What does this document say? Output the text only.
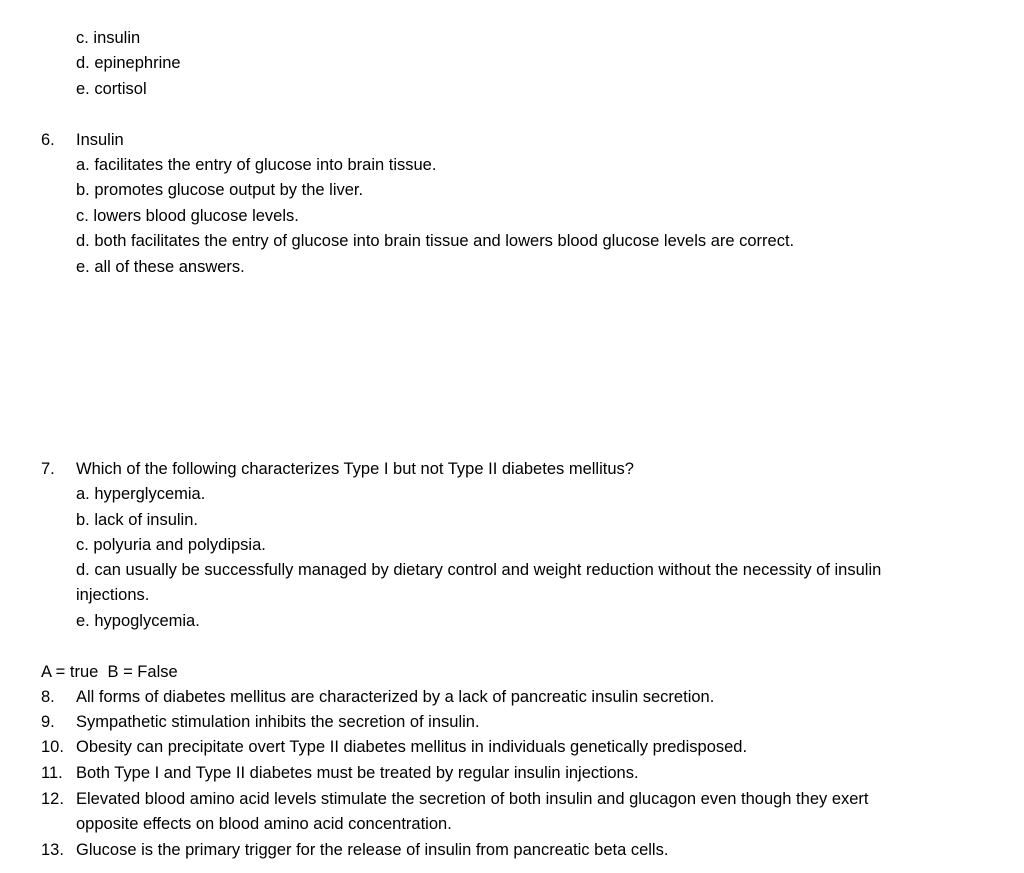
c. insulin
d. epinephrine
e. cortisol
6. Insulin
a. facilitates the entry of glucose into brain tissue.
b. promotes glucose output by the liver.
c. lowers blood glucose levels.
d. both facilitates the entry of glucose into brain tissue and lowers blood glucose levels are correct.
e. all of these answers.
7. Which of the following characterizes Type I but not Type II diabetes mellitus?
a. hyperglycemia.
b. lack of insulin.
c. polyuria and polydipsia.
d. can usually be successfully managed by dietary control and weight reduction without the necessity of insulin
injections.
e. hypoglycemia.
A = true  B = False
8. All forms of diabetes mellitus are characterized by a lack of pancreatic insulin secretion.
9. Sympathetic stimulation inhibits the secretion of insulin.
10. Obesity can precipitate overt Type II diabetes mellitus in individuals genetically predisposed.
11. Both Type I and Type II diabetes must be treated by regular insulin injections.
12. Elevated blood amino acid levels stimulate the secretion of both insulin and glucagon even though they exert
opposite effects on blood amino acid concentration.
13. Glucose is the primary trigger for the release of insulin from pancreatic beta cells.
